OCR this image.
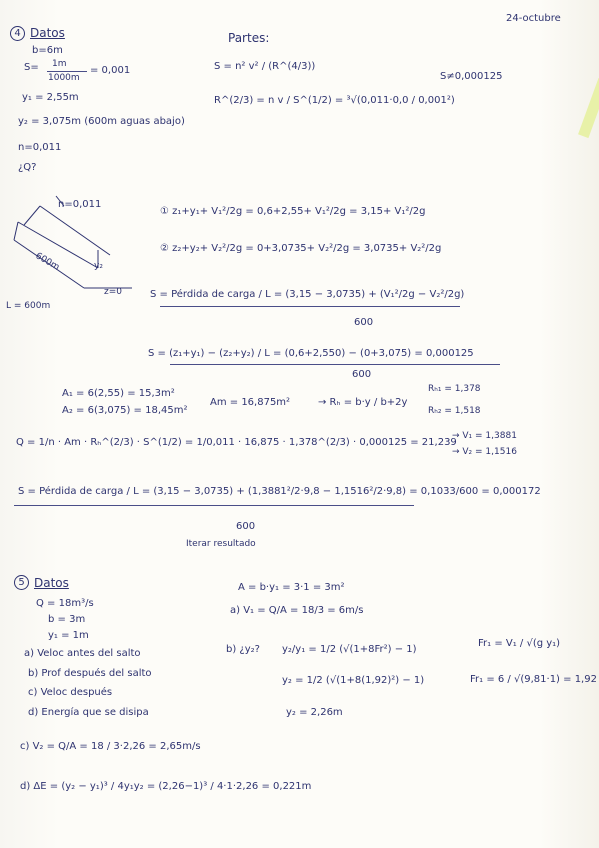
24-octubre
4 Datos
b=6m
S= 1m
1000m
= 0,001
y₁ = 2,55m
y₂ = 3,075m (600m aguas abajo)
n=0,011
¿Q?
Partes:
S = n² v² / (R^(4/3))
R^(2/3) = n v / S^(1/2) = ³√(0,011·0,0 / 0,001²)
S≠0,000125
n=0,011
600m
z=0
y₂
① z₁+y₁+ V₁²/2g = 0,6+2,55+ V₁²/2g = 3,15+ V₁²/2g
② z₂+y₂+ V₂²/2g = 0+3,0735+ V₂²/2g = 3,0735+ V₂²/2g
S = Pérdida de carga / L = (3,15 − 3,0735) + (V₁²/2g − V₂²/2g)
600
L = 600m
S = (z₁+y₁) − (z₂+y₂) / L = (0,6+2,550) − (0+3,075) = 0,000125
600
A₁ = 6(2,55) = 15,3m²
A₂ = 6(3,075) = 18,45m²
Am = 16,875m²	→ Rₕ = b·y / b+2y
Rₕ₁ = 1,378
Rₕ₂ = 1,518
Q = 1/n · Am · Rₕ^(2/3) · S^(1/2) = 1/0,011 · 16,875 · 1,378^(2/3) · 0,000125 = 21,239
→ V₁ = 1,3881
→ V₂ = 1,1516
S = Pérdida de carga / L = (3,15 − 3,0735) + (1,3881²/2·9,8 − 1,1516²/2·9,8) = 0,1033/600 = 0,000172
600
Iterar resultado
5 Datos
Q = 18m³/s
b = 3m
y₁ = 1m
a) Veloc antes del salto
b) Prof después del salto
c) Veloc después
d) Energía que se disipa
A = b·y₁ = 3·1 = 3m²
a) V₁ = Q/A = 18/3 = 6m/s
b) ¿y₂? y₂/y₁ = 1/2 (√(1+8Fr²) − 1)
y₂ = 1/2 (√(1+8(1,92)²) − 1)
y₂ = 2,26m
Fr₁ = V₁ / √(g y₁)
Fr₁ = 6 / √(9,81·1) = 1,92
c) V₂ = Q/A = 18 / 3·2,26 = 2,65m/s
d) ΔE = (y₂ − y₁)³ / 4y₁y₂ = (2,26−1)³ / 4·1·2,26 = 0,221m
